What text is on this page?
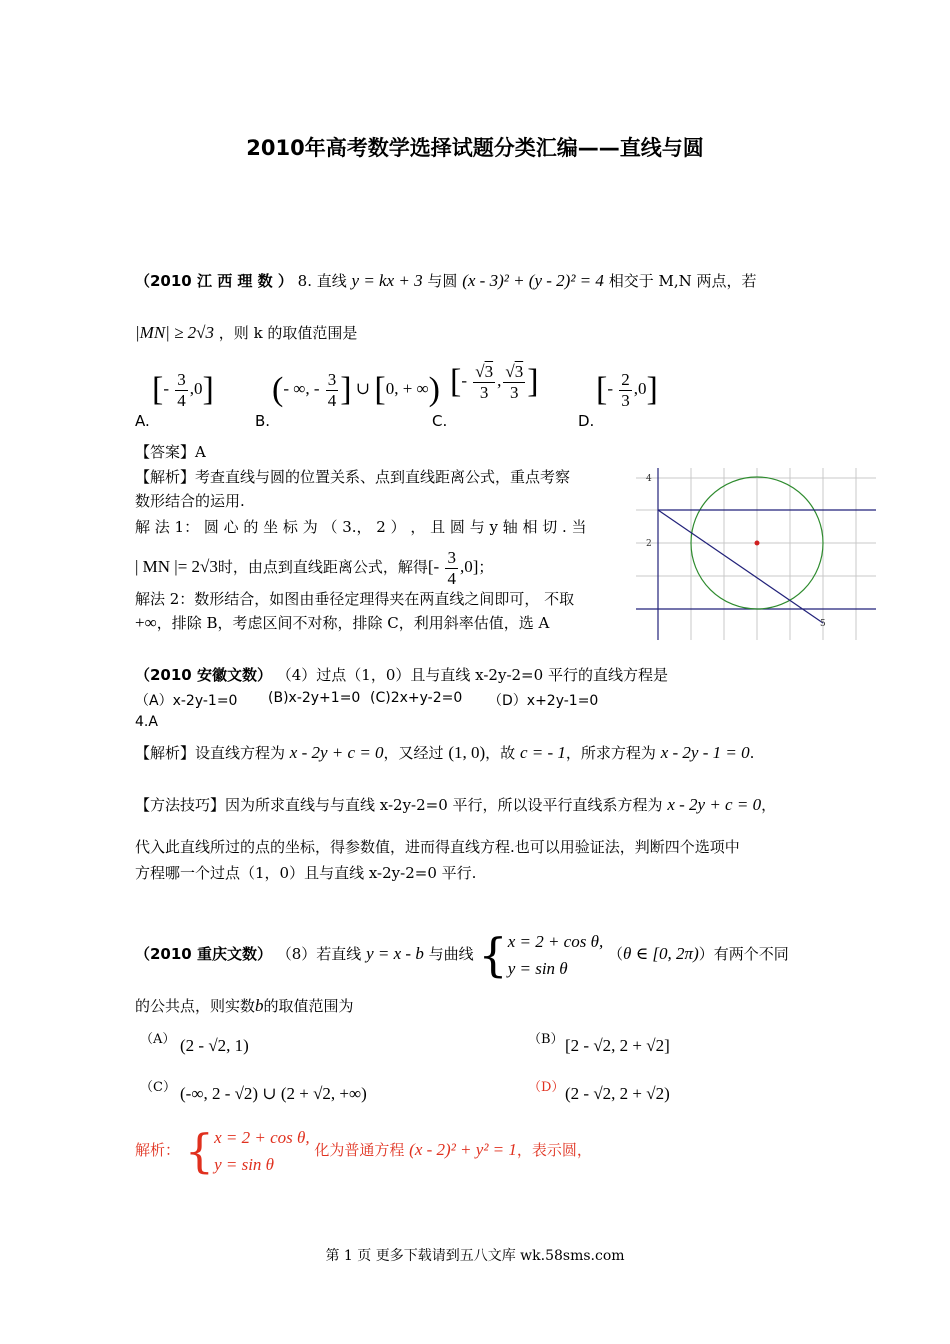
2010年高考数学选择试题分类汇编——直线与圆
（2010 江 西 理 数 ） 8. 直线 y = kx + 3 与圆 (x - 3)² + (y - 2)² = 4 相交于 M,N 两点，若
|MN| ≥ 2√3 ，则 k 的取值范围是
A.
[- $\frac{3}{4} ,0$]
B.
(- ∞, - $\frac{3}{4}$ ] ∪ [0, + ∞)
C.
[- $\frac{√3}{3}$ , $\frac{√3}{3}$ ]
D.
[- $\frac{2}{3} ,0$]
【答案】A
【解析】考查直线与圆的位置关系、点到直线距离公式，重点考察
数形结合的运用.
解 法 1： 圆 心 的 坐 标 为 （ 3.， 2 ） ， 且 圆 与 y 轴 相 切 . 当
| MN |= 2√3时，由点到直线距离公式，解得[- $\frac{3}{4} ,0$]；
解法 2：数形结合，如图由垂径定理得夹在两直线之间即可， 不取
+∞，排除 B，考虑区间不对称，排除 C，利用斜率估值，选 A
4
2
5
（2010 安徽文数） （4）过点（1，0）且与直线 x-2y-2=0 平行的直线方程是
（A）x-2y-1=0 (B)x-2y+1=0 (C)2x+y-2=0 （D）x+2y-1=0
4.A
【解析】设直线方程为 x - 2y + c = 0，又经过 (1, 0)，故 c = - 1，所求方程为 x - 2y - 1 = 0.
【方法技巧】因为所求直线与与直线 x-2y-2=0 平行，所以设平行直线系方程为 x - 2y + c = 0，
代入此直线所过的点的坐标，得参数值，进而得直线方程.也可以用验证法，判断四个选项中
方程哪一个过点（1，0）且与直线 x-2y-2=0 平行.
（2010 重庆文数） （8）若直线 y = x - b 与曲线 { x = 2 + cos θ,
y = sin θ
（θ ∈ [0, 2π)）有两个不同
的公共点，则实数b的取值范围为
（A） (2 - √2, 1)	（B） [2 - √2, 2 + √2]
（C） (-∞, 2 - √2) ∪ (2 + √2, +∞)	（D） (2 - √2, 2 + √2)
解析： { x = 2 + cos θ,
y = sin θ
化为普通方程 (x - 2)² + y² = 1，表示圆，
第 1 页 更多下载请到五八文库 wk.58sms.com
